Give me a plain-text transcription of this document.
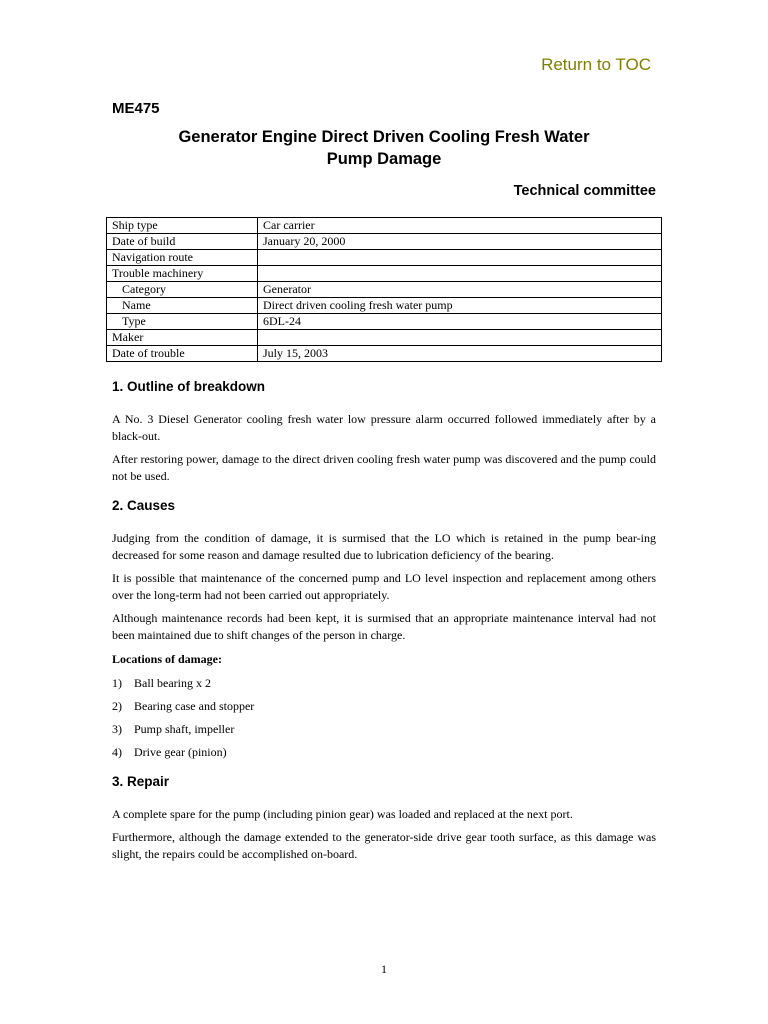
Return to TOC
ME475
Generator Engine Direct Driven Cooling Fresh Water
Pump Damage
Technical committee
Ship type	Car carrier
Date of build	January 20, 2000
Navigation route	
Trouble machinery	
Category	Generator
Name	Direct driven cooling fresh water pump
Type	6DL-24
Maker	
Date of trouble	July 15, 2003
1. Outline of breakdown

A No. 3 Diesel Generator cooling fresh water low pressure alarm occurred followed immediately after by a black-out.

After restoring power, damage to the direct driven cooling fresh water pump was discovered and the pump could not be used.

2. Causes

Judging from the condition of damage, it is surmised that the LO which is retained in the pump bear-ing decreased for some reason and damage resulted due to lubrication deficiency of the bearing.

It is possible that maintenance of the concerned pump and LO level inspection and replacement among others over the long-term had not been carried out appropriately.

Although maintenance records had been kept, it is surmised that an appropriate maintenance interval had not been maintained due to shift changes of the person in charge.

Locations of damage:
1)	Ball bearing x 2
2)	Bearing case and stopper
3)	Pump shaft, impeller
4)	Drive gear (pinion)
3. Repair

A complete spare for the pump (including pinion gear) was loaded and replaced at the next port.

Furthermore, although the damage extended to the generator-side drive gear tooth surface, as this damage was slight, the repairs could be accomplished on-board.

1
